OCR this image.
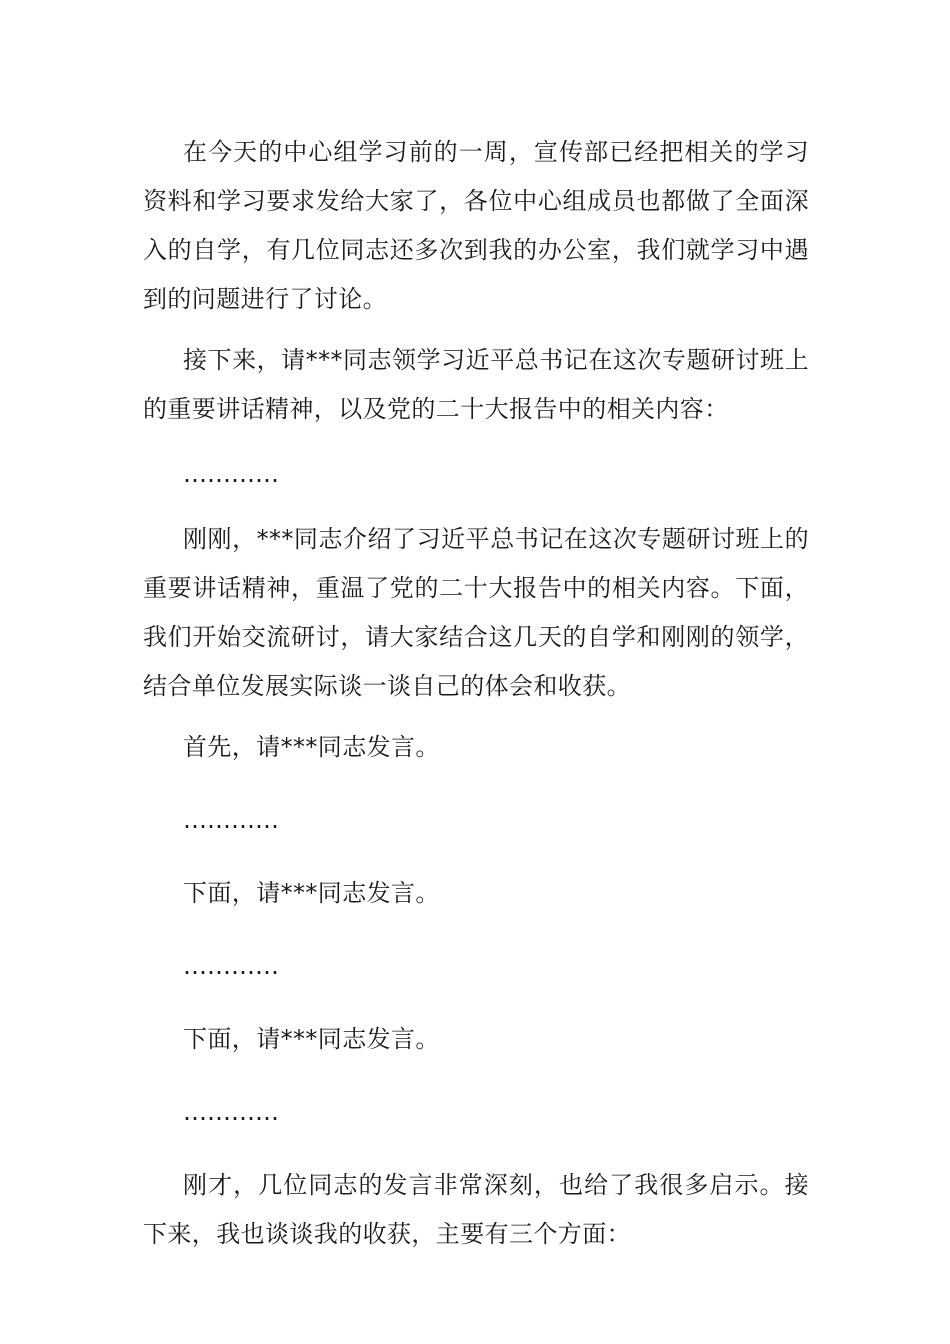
在今天的中心组学习前的一周，宣传部已经把相关的学习资料和学习要求发给大家了，各位中心组成员也都做了全面深入的自学，有几位同志还多次到我的办公室，我们就学习中遇到的问题进行了讨论。

接下来，请***同志领学习近平总书记在这次专题研讨班上的重要讲话精神，以及党的二十大报告中的相关内容：

…………

刚刚，***同志介绍了习近平总书记在这次专题研讨班上的重要讲话精神，重温了党的二十大报告中的相关内容。下面，我们开始交流研讨，请大家结合这几天的自学和刚刚的领学，结合单位发展实际谈一谈自己的体会和收获。

首先，请***同志发言。

…………

下面，请***同志发言。

…………

下面，请***同志发言。

…………

刚才，几位同志的发言非常深刻，也给了我很多启示。接下来，我也谈谈我的收获，主要有三个方面：
